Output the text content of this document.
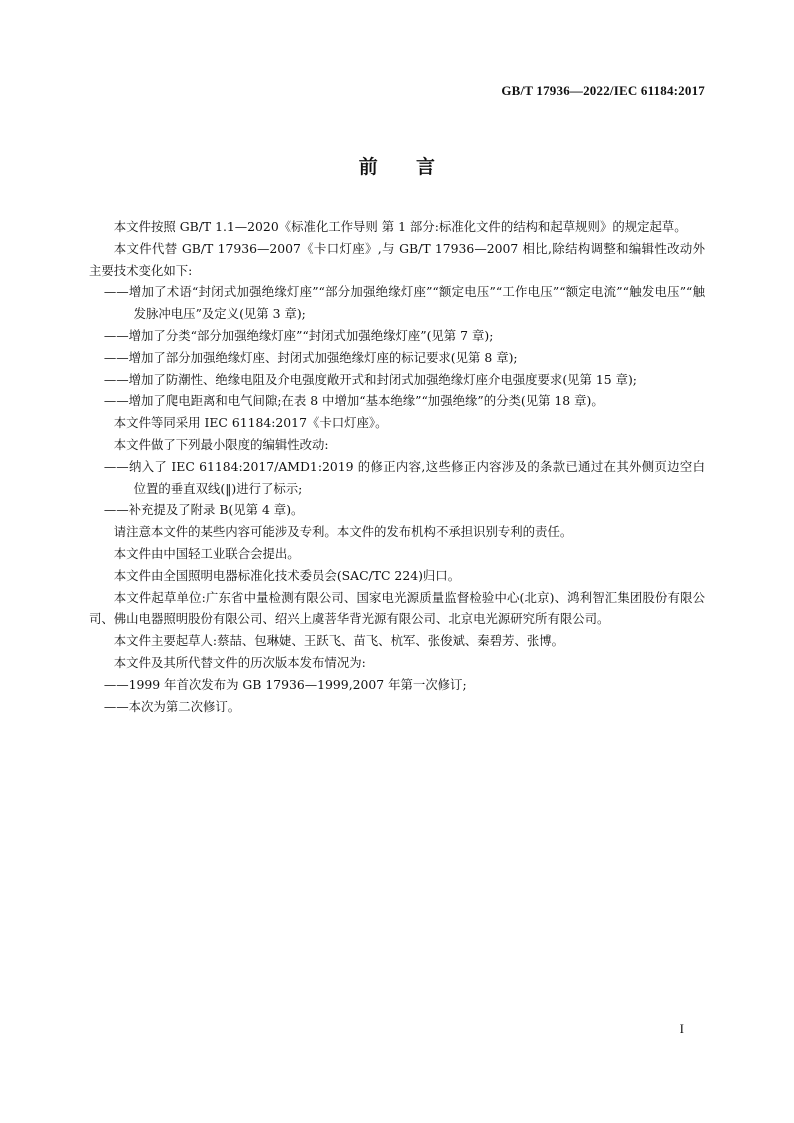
GB/T 17936—2022/IEC 61184:2017
前 言

本文件按照 GB/T 1.1—2020《标准化工作导则 第 1 部分:标准化文件的结构和起草规则》的规定起草。

本文件代替 GB/T 17936—2007《卡口灯座》,与 GB/T 17936—2007 相比,除结构调整和编辑性改动外主要技术变化如下:

——增加了术语“封闭式加强绝缘灯座”“部分加强绝缘灯座”“额定电压”“工作电压”“额定电流”“触发电压”“触发脉冲电压”及定义(见第 3 章);

——增加了分类“部分加强绝缘灯座”“封闭式加强绝缘灯座”(见第 7 章);

——增加了部分加强绝缘灯座、封闭式加强绝缘灯座的标记要求(见第 8 章);

——增加了防潮性、绝缘电阻及介电强度敞开式和封闭式加强绝缘灯座介电强度要求(见第 15 章);

——增加了爬电距离和电气间隙;在表 8 中增加“基本绝缘”“加强绝缘”的分类(见第 18 章)。

本文件等同采用 IEC 61184:2017《卡口灯座》。

本文件做了下列最小限度的编辑性改动:

——纳入了 IEC 61184:2017/AMD1:2019 的修正内容,这些修正内容涉及的条款已通过在其外侧页边空白位置的垂直双线(‖)进行了标示;

——补充提及了附录 B(见第 4 章)。

请注意本文件的某些内容可能涉及专利。本文件的发布机构不承担识别专利的责任。

本文件由中国轻工业联合会提出。

本文件由全国照明电器标准化技术委员会(SAC/TC 224)归口。

本文件起草单位:广东省中量检测有限公司、国家电光源质量监督检验中心(北京)、鸿利智汇集团股份有限公司、佛山电器照明股份有限公司、绍兴上虞菩华背光源有限公司、北京电光源研究所有限公司。

本文件主要起草人:蔡喆、包琳婕、王跃飞、苗飞、杭军、张俊斌、秦碧芳、张博。

本文件及其所代替文件的历次版本发布情况为:

——1999 年首次发布为 GB 17936—1999,2007 年第一次修订;

——本次为第二次修订。

I
